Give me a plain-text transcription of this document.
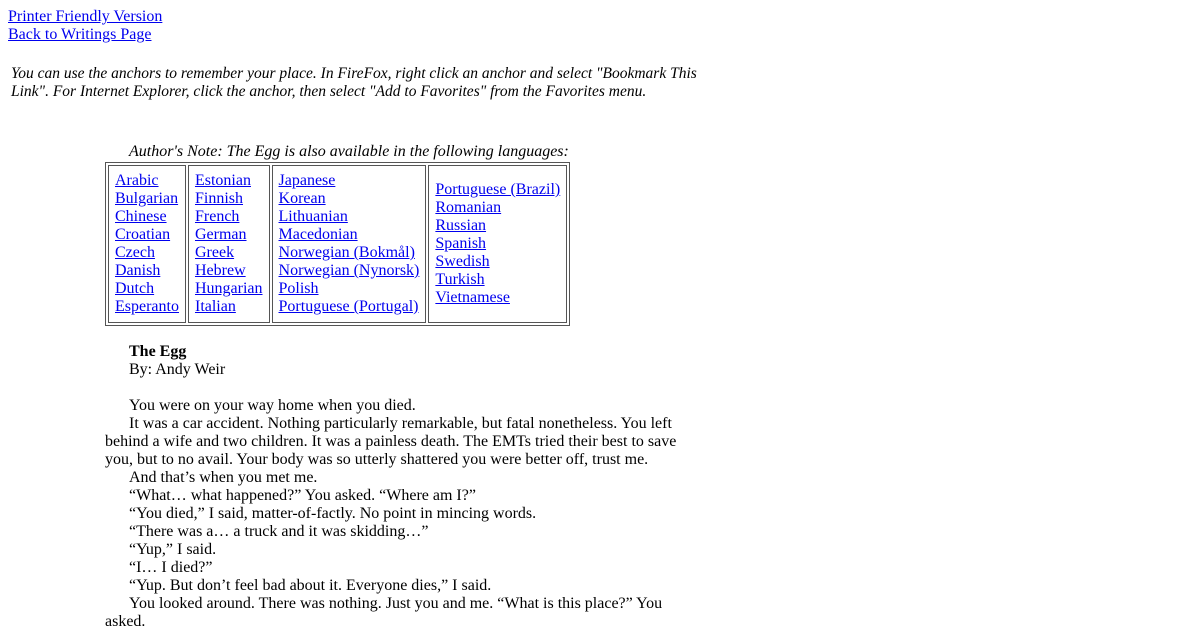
Printer Friendly Version
Back to Writings Page
You can use the anchors to remember your place. In FireFox, right click an anchor and select "Bookmark This Link". For Internet Explorer, click the anchor, then select "Add to Favorites" from the Favorites menu.
Author's Note: The Egg is also available in the following languages:
Arabic
Bulgarian
Chinese
Croatian
Czech
Danish
Dutch
Esperanto

Estonian
Finnish
French
German
Greek
Hebrew
Hungarian
Italian

Japanese
Korean
Lithuanian
Macedonian
Norwegian (Bokmål)
Norwegian (Nynorsk)
Polish
Portuguese (Portugal)

Portuguese (Brazil)
Romanian
Russian
Spanish
Swedish
Turkish
Vietnamese

The Egg

By: Andy Weir

You were on your way home when you died.

It was a car accident. Nothing particularly remarkable, but fatal nonetheless. You left behind a wife and two children. It was a painless death. The EMTs tried their best to save you, but to no avail. Your body was so utterly shattered you were better off, trust me.

And that’s when you met me.

“What… what happened?” You asked. “Where am I?”

“You died,” I said, matter-of-factly. No point in mincing words.

“There was a… a truck and it was skidding…”

“Yup,” I said.

“I… I died?”

“Yup. But don’t feel bad about it. Everyone dies,” I said.

You looked around. There was nothing. Just you and me. “What is this place?” You asked.
